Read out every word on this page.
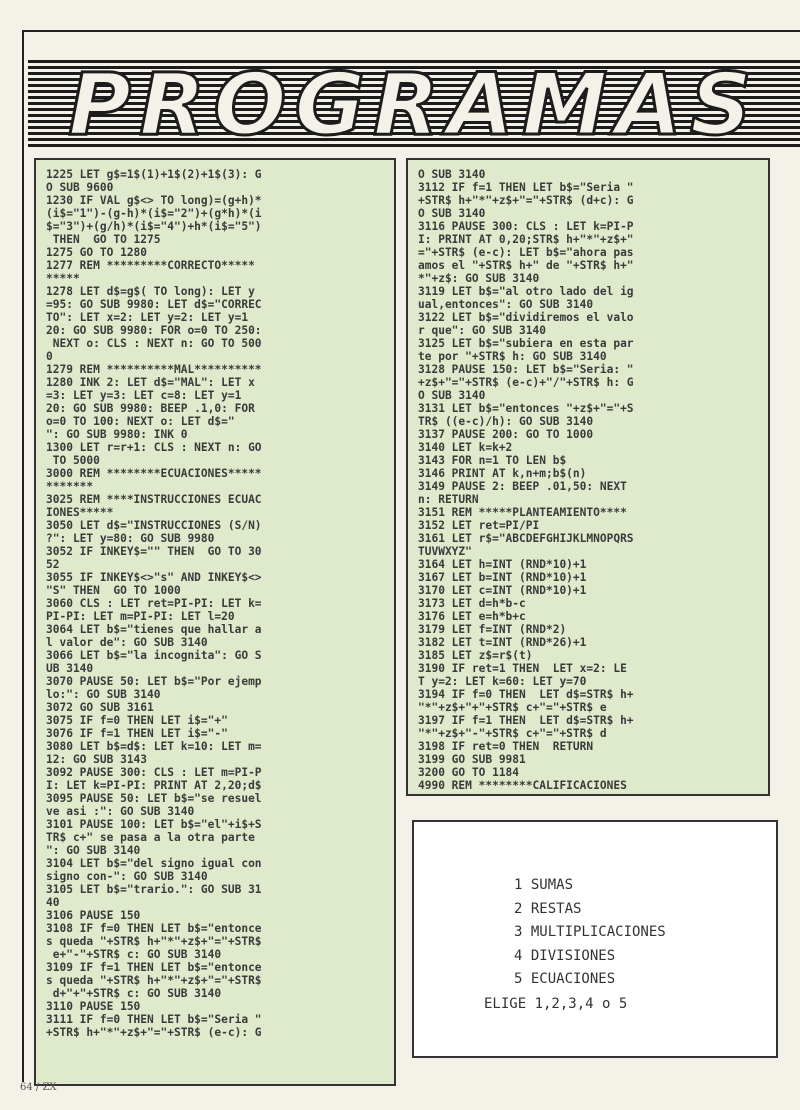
PROGRAMAS
1225 LET g$=1$(1)+1$(2)+1$(3): G
O SUB 9600
1230 IF VAL g$<> TO long)=(g+h)*
(i$="1")-(g-h)*(i$="2")+(g*h)*(i
$="3")+(g/h)*(i$="4")+h*(i$="5")
THEN  GO TO 1275
1275 GO TO 1280
1277 REM *********CORRECTO*****
*****
1278 LET d$=g$( TO long): LET y
=95: GO SUB 9980: LET d$="CORREC
TO": LET x=2: LET y=2: LET y=1
20: GO SUB 9980: FOR o=0 TO 250:
NEXT o: CLS : NEXT n: GO TO 500
0
1279 REM **********MAL**********
1280 INK 2: LET d$="MAL": LET x
=3: LET y=3: LET c=8: LET y=1
20: GO SUB 9980: BEEP .1,0: FOR
o=0 TO 100: NEXT o: LET d$="
": GO SUB 9980: INK 0
1300 LET r=r+1: CLS : NEXT n: GO
TO 5000
3000 REM ********ECUACIONES*****
*******
3025 REM ****INSTRUCCIONES ECUAC
IONES*****
3050 LET d$="INSTRUCCIONES (S/N)
?": LET y=80: GO SUB 9980
3052 IF INKEY$="" THEN  GO TO 30
52
3055 IF INKEY$<>"s" AND INKEY$<>
"S" THEN  GO TO 1000
3060 CLS : LET ret=PI-PI: LET k=
PI-PI: LET m=PI-PI: LET l=20
3064 LET b$="tienes que hallar a
l valor de": GO SUB 3140
3066 LET b$="la incognita": GO S
UB 3140
3070 PAUSE 50: LET b$="Por ejemp
lo:": GO SUB 3140
3072 GO SUB 3161
3075 IF f=0 THEN LET i$="+"
3076 IF f=1 THEN LET i$="-"
3080 LET b$=d$: LET k=10: LET m=
12: GO SUB 3143
3092 PAUSE 300: CLS : LET m=PI-P
I: LET k=PI-PI: PRINT AT 2,20;d$
3095 PAUSE 50: LET b$="se resuel
ve asi :": GO SUB 3140
3101 PAUSE 100: LET b$="el"+i$+S
TR$ c+" se pasa a la otra parte
": GO SUB 3140
3104 LET b$="del signo igual con
signo con-": GO SUB 3140
3105 LET b$="trario.": GO SUB 31
40
3106 PAUSE 150
3108 IF f=0 THEN LET b$="entonce
s queda "+STR$ h+"*"+z$+"="+STR$
e+"-"+STR$ c: GO SUB 3140
3109 IF f=1 THEN LET b$="entonce
s queda "+STR$ h+"*"+z$+"="+STR$
d+"+"+STR$ c: GO SUB 3140
3110 PAUSE 150
3111 IF f=0 THEN LET b$="Seria "
+STR$ h+"*"+z$+"="+STR$ (e-c): G
O SUB 3140
3112 IF f=1 THEN LET b$="Seria "
+STR$ h+"*"+z$+"="+STR$ (d+c): G
O SUB 3140
3116 PAUSE 300: CLS : LET k=PI-P
I: PRINT AT 0,20;STR$ h+"*"+z$+"
="+STR$ (e-c): LET b$="ahora pas
amos el "+STR$ h+" de "+STR$ h+"
*"+z$: GO SUB 3140
3119 LET b$="al otro lado del ig
ual,entonces": GO SUB 3140
3122 LET b$="dividiremos el valo
r que": GO SUB 3140
3125 LET b$="subiera en esta par
te por "+STR$ h: GO SUB 3140
3128 PAUSE 150: LET b$="Seria: "
+z$+"="+STR$ (e-c)+"/"+STR$ h: G
O SUB 3140
3131 LET b$="entonces "+z$+"="+S
TR$ ((e-c)/h): GO SUB 3140
3137 PAUSE 200: GO TO 1000
3140 LET k=k+2
3143 FOR n=1 TO LEN b$
3146 PRINT AT k,n+m;b$(n)
3149 PAUSE 2: BEEP .01,50: NEXT
n: RETURN
3151 REM *****PLANTEAMIENTO****
3152 LET ret=PI/PI
3161 LET r$="ABCDEFGHIJKLMNOPQRS
TUVWXYZ"
3164 LET h=INT (RND*10)+1
3167 LET b=INT (RND*10)+1
3170 LET c=INT (RND*10)+1
3173 LET d=h*b-c
3176 LET e=h*b+c
3179 LET f=INT (RND*2)
3182 LET t=INT (RND*26)+1
3185 LET z$=r$(t)
3190 IF ret=1 THEN  LET x=2: LE
T y=2: LET k=60: LET y=70
3194 IF f=0 THEN  LET d$=STR$ h+
"*"+z$+"+"+STR$ c+"="+STR$ e
3197 IF f=1 THEN  LET d$=STR$ h+
"*"+z$+"-"+STR$ c+"="+STR$ d
3198 IF ret=0 THEN  RETURN
3199 GO SUB 9981
3200 GO TO 1184
4990 REM ********CALIFICACIONES
1 SUMAS
2 RESTAS
3 MULTIPLICACIONES
4 DIVISIONES
5 ECUACIONES
ELIGE 1,2,3,4 o 5
64 / ZX
